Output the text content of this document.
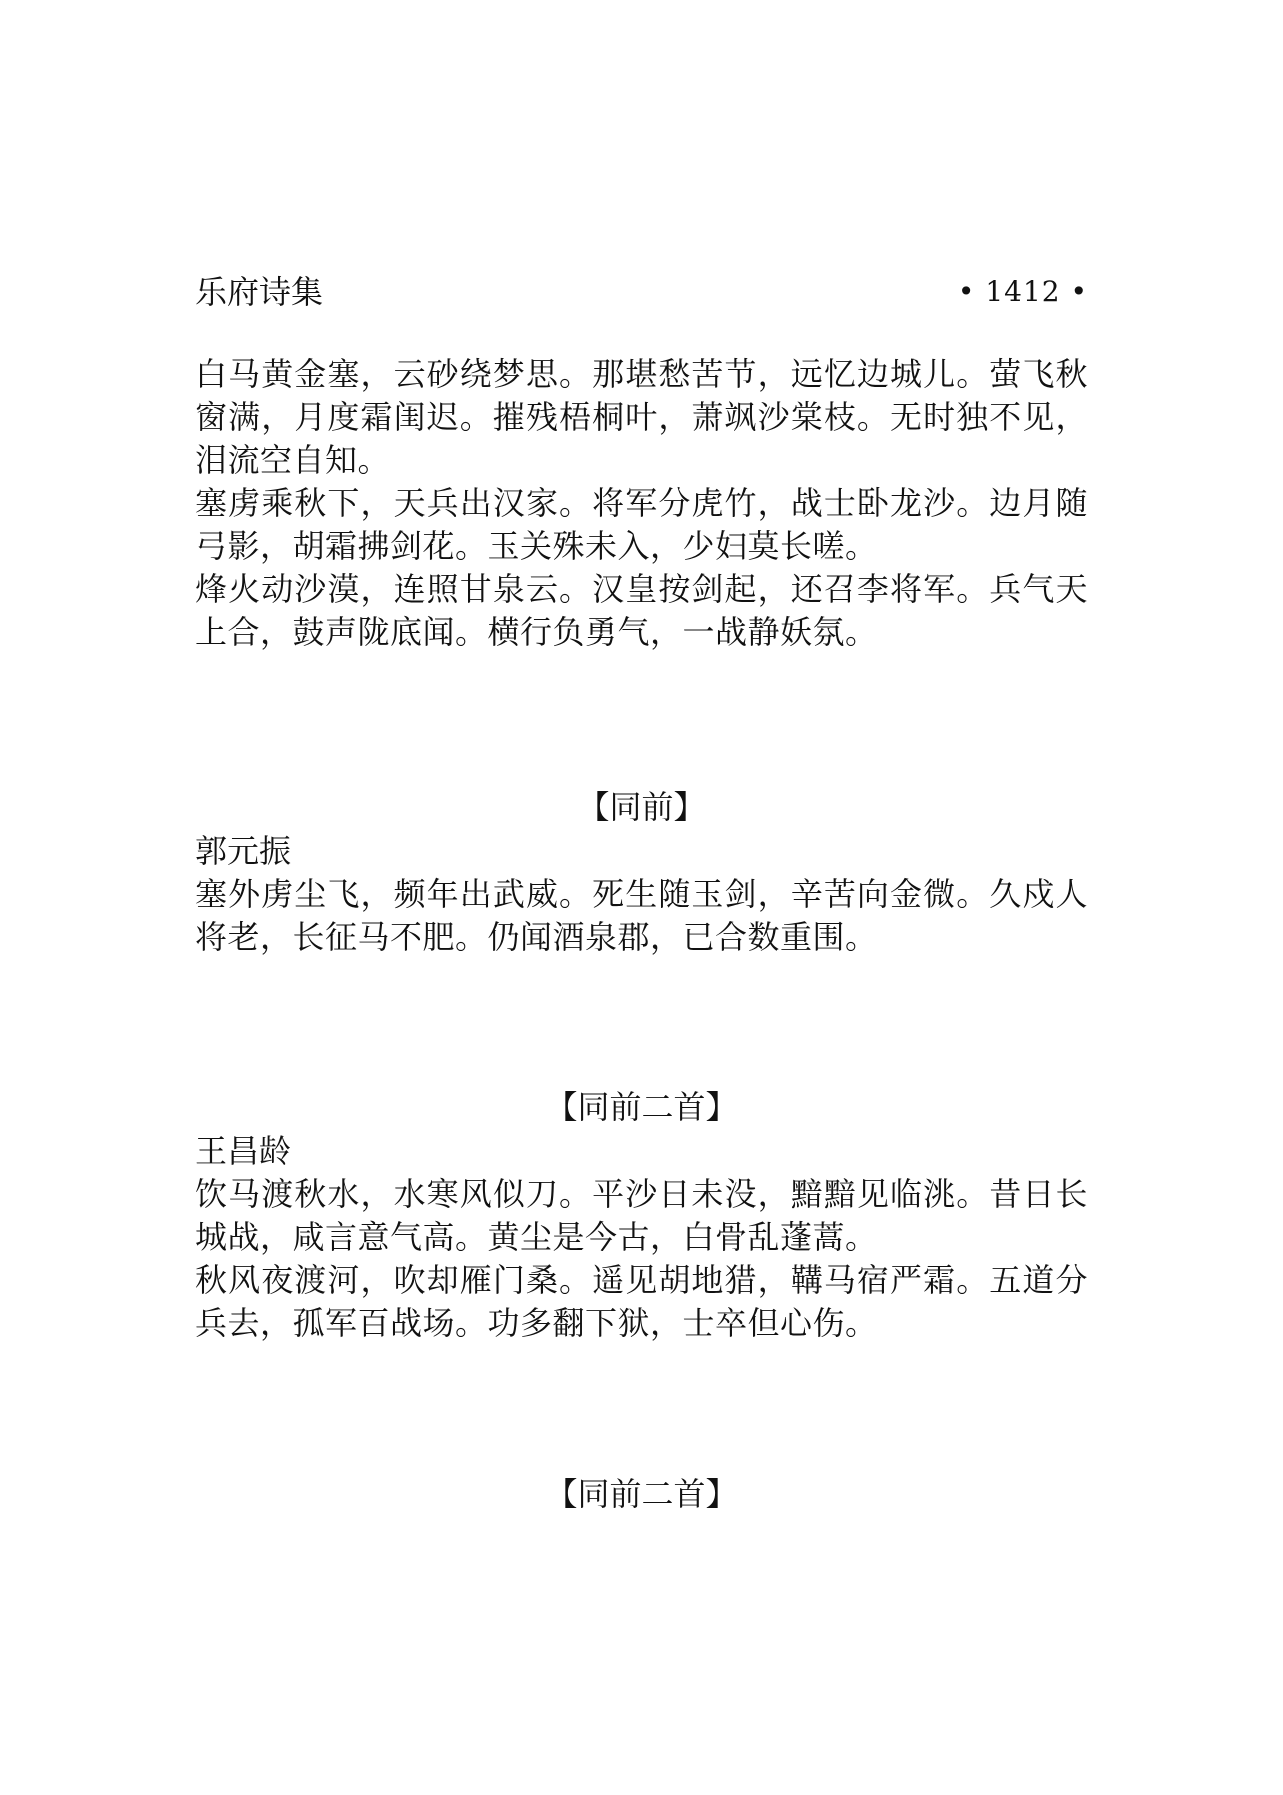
乐府诗集	• 1412 •

白马黄金塞，云砂绕梦思。那堪愁苦节，远忆边城儿。萤飞秋窗满，月度霜闺迟。摧残梧桐叶，萧飒沙棠枝。无时独不见，泪流空自知。

塞虏乘秋下，天兵出汉家。将军分虎竹，战士卧龙沙。边月随弓影，胡霜拂剑花。玉关殊未入，少妇莫长嗟。

烽火动沙漠，连照甘泉云。汉皇按剑起，还召李将军。兵气天上合，鼓声陇底闻。横行负勇气，一战静妖氛。

【同前】

郭元振

塞外虏尘飞，频年出武威。死生随玉剑，辛苦向金微。久戍人将老，长征马不肥。仍闻酒泉郡，已合数重围。

【同前二首】

王昌龄

饮马渡秋水，水寒风似刀。平沙日未没，黯黯见临洮。昔日长城战，咸言意气高。黄尘是今古，白骨乱蓬蒿。

秋风夜渡河，吹却雁门桑。遥见胡地猎，鞲马宿严霜。五道分兵去，孤军百战场。功多翻下狱，士卒但心伤。

【同前二首】
